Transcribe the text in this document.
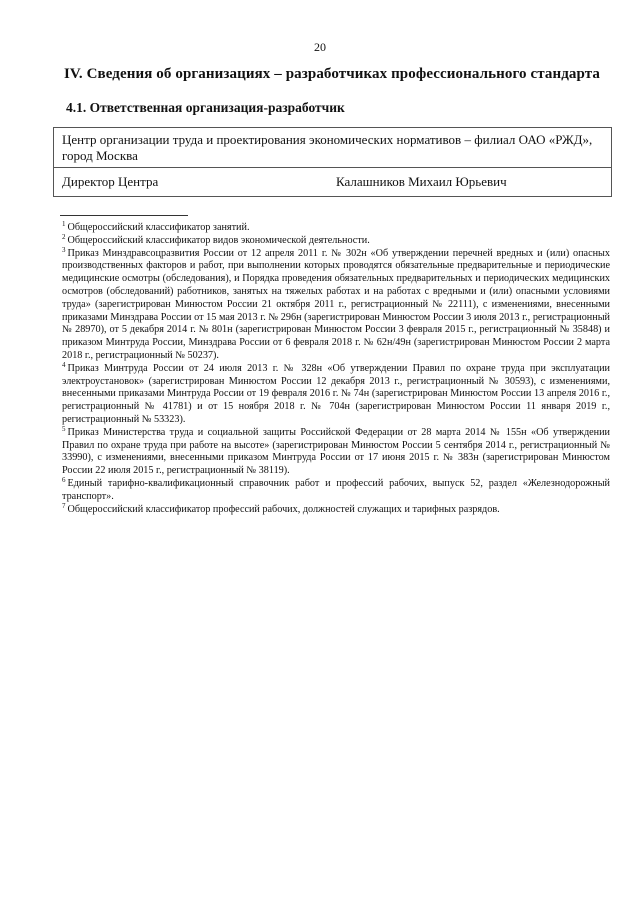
20
IV. Сведения об организациях – разработчиках профессионального стандарта
4.1. Ответственная организация-разработчик
Центр организации труда и проектирования экономических нормативов – филиал ОАО «РЖД», город Москва
Директор Центра	Калашников Михаил Юрьевич

$^1$ Общероссийский классификатор занятий.

$^2$ Общероссийский классификатор видов экономической деятельности.

$^3$ Приказ Минздравсоцразвития России от 12 апреля 2011 г. № 302н «Об утверждении перечней вредных и (или) опасных производственных факторов и работ, при выполнении которых проводятся обязательные предварительные и периодические медицинские осмотры (обследования), и Порядка проведения обязательных предварительных и периодических медицинских осмотров (обследований) работников, занятых на тяжелых работах и на работах с вредными и (или) опасными условиями труда» (зарегистрирован Минюстом России 21 октября 2011 г., регистрационный № 22111), с изменениями, внесенными приказами Минздрава России от 15 мая 2013 г. № 296н (зарегистрирован Минюстом России 3 июля 2013 г., регистрационный № 28970), от 5 декабря 2014 г. № 801н (зарегистрирован Минюстом России 3 февраля 2015 г., регистрационный № 35848) и приказом Минтруда России, Минздрава России от 6 февраля 2018 г. № 62н/49н (зарегистрирован Минюстом России 2 марта 2018 г., регистрационный № 50237).

$^4$ Приказ Минтруда России от 24 июля 2013 г. № 328н «Об утверждении Правил по охране труда при эксплуатации электроустановок» (зарегистрирован Минюстом России 12 декабря 2013 г., регистрационный № 30593), с изменениями, внесенными приказами Минтруда России от 19 февраля 2016 г. № 74н (зарегистрирован Минюстом России 13 апреля 2016 г., регистрационный № 41781) и от 15 ноября 2018 г. № 704н (зарегистрирован Минюстом России 11 января 2019 г., регистрационный № 53323).

$^5$ Приказ Министерства труда и социальной защиты Российской Федерации от 28 марта 2014 № 155н «Об утверждении Правил по охране труда при работе на высоте» (зарегистрирован Минюстом России 5 сентября 2014 г., регистрационный № 33990), с изменениями, внесенными приказом Минтруда России от 17 июня 2015 г. № 383н (зарегистрирован Минюстом России 22 июля 2015 г., регистрационный № 38119).

$^6$ Единый тарифно-квалификационный справочник работ и профессий рабочих, выпуск 52, раздел «Железнодорожный транспорт».

$^7$ Общероссийский классификатор профессий рабочих, должностей служащих и тарифных разрядов.
